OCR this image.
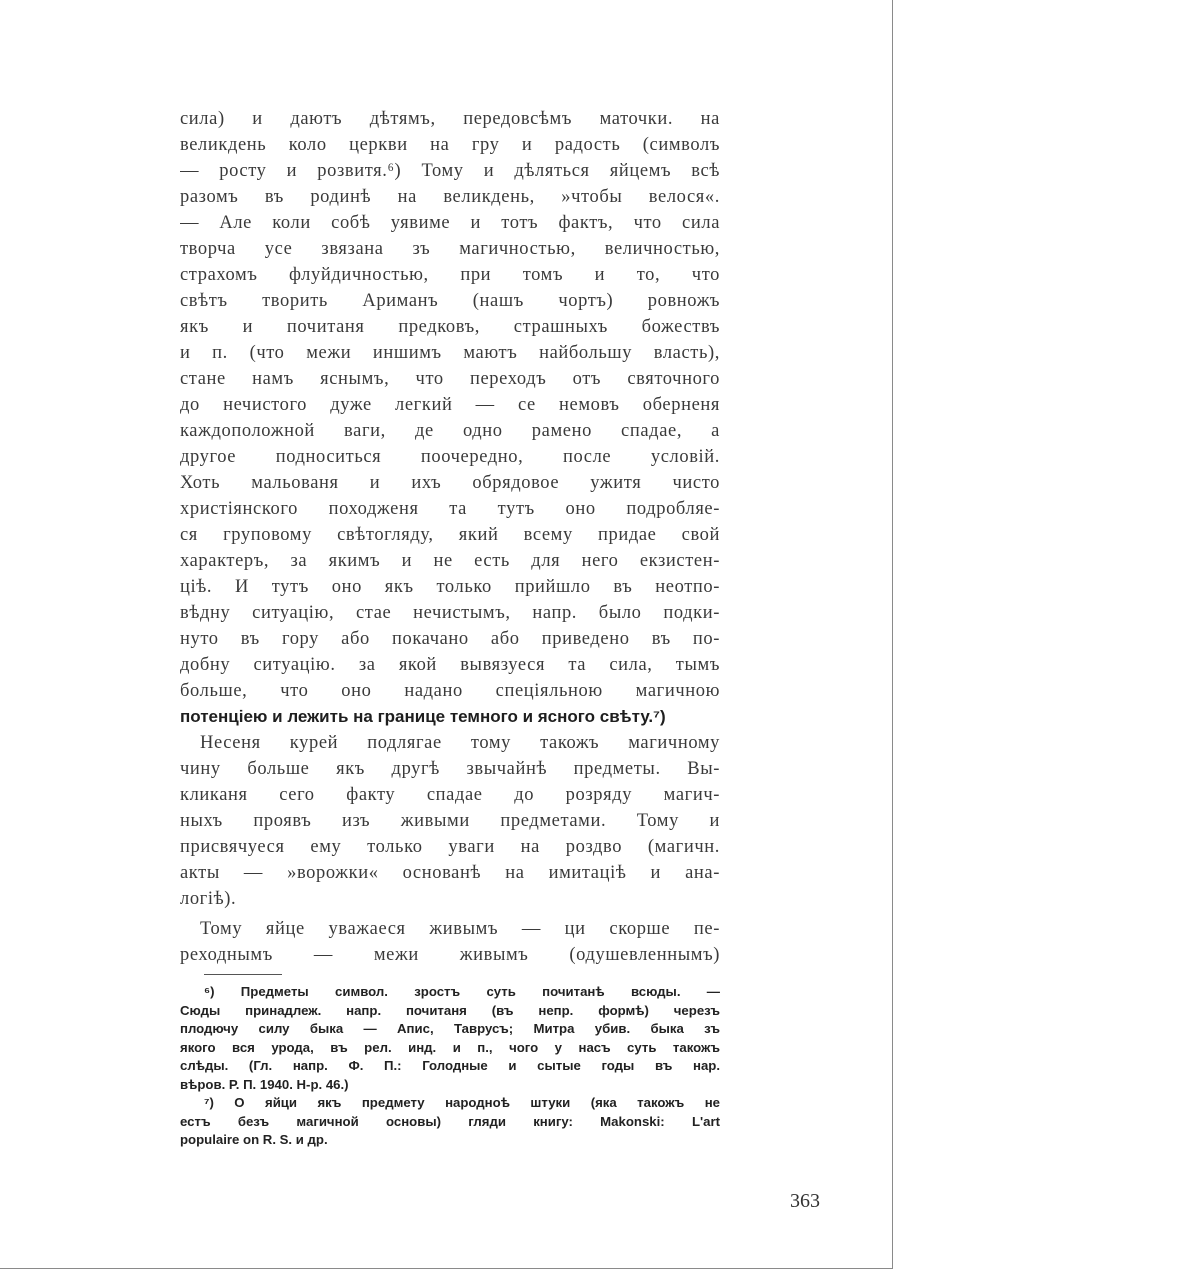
сила) и даютъ дѣтямъ, передовсѣмъ маточки. на
великдень коло церкви на гру и радость (символъ
— росту и розвитя.⁶) Тому и дѣляться яйцемъ всѣ
разомъ въ родинѣ на великдень, »чтобы велося«.
— Але коли собѣ уявиме и тотъ фактъ, что сила
творча усе звязана зъ магичностью, величностью,
страхомъ флуйдичностью, при томъ и то, что
свѣтъ творить Ариманъ (нашъ чортъ) ровножъ
якъ и почитаня предковъ, страшныхъ божествъ
и п. (что межи иншимъ маютъ найбольшу власть),
стане намъ яснымъ, что переходъ отъ святочного
до нечистого дуже легкий — се немовъ оберненя
каждоположной ваги, де одно рамено спадае, а
другое подноситься поочередно, после условій.
Хоть мальованя и ихъ обрядовое ужитя чисто
христіянского походженя та тутъ оно подробляе-
ся груповому свѣтогляду, який всему придае свой
характеръ, за якимъ и не есть для него екзистен-
цiѣ. И тутъ оно якъ только прийшло въ неотпо-
вѣдну ситуацію, стае нечистымъ, напр. было подки-
нуто въ гору або покачано або приведено въ по-
добну ситуацію. за якой вывязуеся та сила, тымъ
больше, что оно надано спеціяльною магичною
потенціею и лежить на границе темного и ясного свѣту.⁷)
Несеня курей подлягае тому такожъ магичному
чину больше якъ другѣ звычайнѣ предметы. Вы-
кликаня сего факту спадае до розряду магич-
ныхъ проявъ изъ живыми предметами. Тому и
присвячуеся ему только уваги на роздво (магичн.
акты — »ворожки« основанѣ на имитацiѣ и ана-
логiѣ).
Тому яйце уважаеся живымъ — ци скорше пе-
реходнымъ — межи живымъ (одушевленнымъ)
⁶) Предметы символ. зростъ суть почитанѣ всюды. —
Сюды принадлеж. напр. почитаня (въ непр. формѣ) черезъ
плодючу силу быка — Апис, Таврусъ; Митра убив. быка зъ
якого вся урода, въ рел. инд. и п., чого у насъ суть такожъ
слѣды. (Гл. напр. Ф. П.: Голодные и сытые годы въ нар.
вѣров. Р. П. 1940. Н-р. 46.)
⁷) О яйци якъ предмету народноѣ штуки (яка такожъ не
естъ безъ магичной основы) гляди книгу: Makonski: L'art
populaire on R. S. и др.
363
